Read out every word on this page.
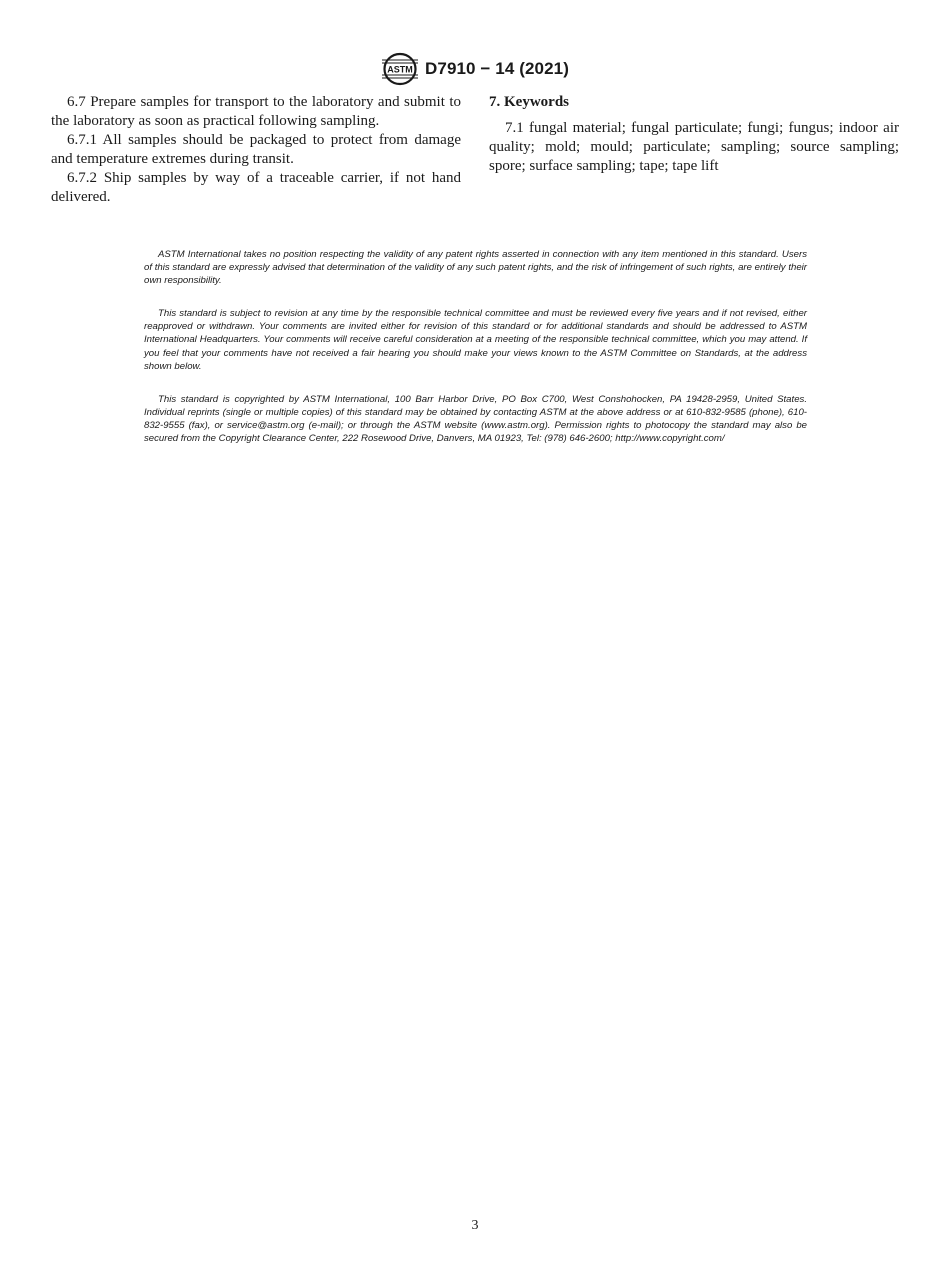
ASTM D7910 − 14 (2021)

6.7 Prepare samples for transport to the laboratory and submit to the laboratory as soon as practical following sampling.

6.7.1 All samples should be packaged to protect from damage and temperature extremes during transit.

6.7.2 Ship samples by way of a traceable carrier, if not hand delivered.

7. Keywords

7.1 fungal material; fungal particulate; fungi; fungus; indoor air quality; mold; mould; particulate; sampling; source sampling; spore; surface sampling; tape; tape lift

ASTM International takes no position respecting the validity of any patent rights asserted in connection with any item mentioned in this standard. Users of this standard are expressly advised that determination of the validity of any such patent rights, and the risk of infringement of such rights, are entirely their own responsibility.

This standard is subject to revision at any time by the responsible technical committee and must be reviewed every five years and if not revised, either reapproved or withdrawn. Your comments are invited either for revision of this standard or for additional standards and should be addressed to ASTM International Headquarters. Your comments will receive careful consideration at a meeting of the responsible technical committee, which you may attend. If you feel that your comments have not received a fair hearing you should make your views known to the ASTM Committee on Standards, at the address shown below.

This standard is copyrighted by ASTM International, 100 Barr Harbor Drive, PO Box C700, West Conshohocken, PA 19428-2959, United States. Individual reprints (single or multiple copies) of this standard may be obtained by contacting ASTM at the above address or at 610-832-9585 (phone), 610-832-9555 (fax), or service@astm.org (e-mail); or through the ASTM website (www.astm.org). Permission rights to photocopy the standard may also be secured from the Copyright Clearance Center, 222 Rosewood Drive, Danvers, MA 01923, Tel: (978) 646-2600; http://www.copyright.com/

3
